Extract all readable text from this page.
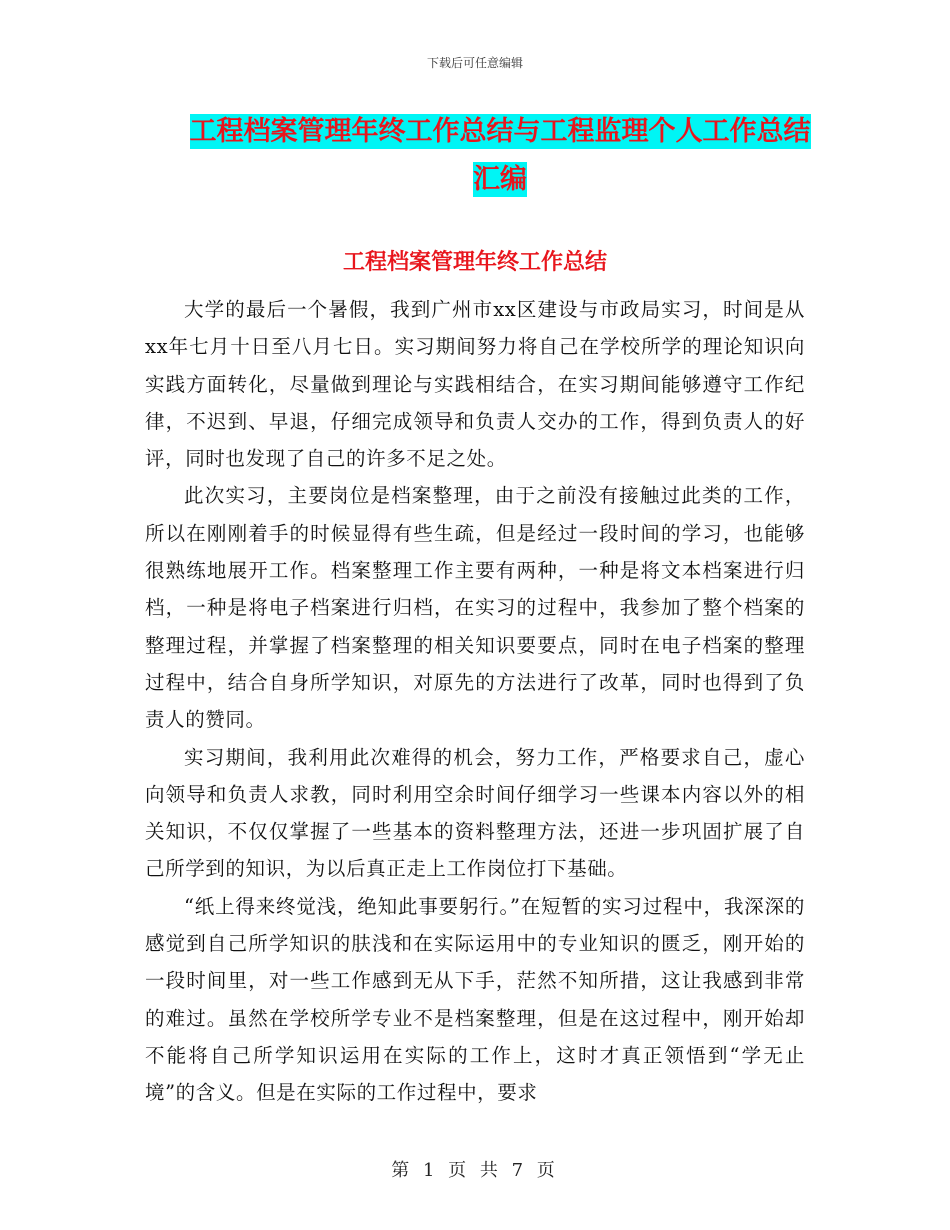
下载后可任意编辑
工程档案管理年终工作总结与工程监理个人工作总结
汇编
工程档案管理年终工作总结

大学的最后一个暑假，我到广州市xx区建设与市政局实习，时间是从xx年七月十日至八月七日。实习期间努力将自己在学校所学的理论知识向实践方面转化，尽量做到理论与实践相结合，在实习期间能够遵守工作纪律，不迟到、早退，仔细完成领导和负责人交办的工作，得到负责人的好评，同时也发现了自己的许多不足之处。

此次实习，主要岗位是档案整理，由于之前没有接触过此类的工作，所以在刚刚着手的时候显得有些生疏，但是经过一段时间的学习，也能够很熟练地展开工作。档案整理工作主要有两种，一种是将文本档案进行归档，一种是将电子档案进行归档，在实习的过程中，我参加了整个档案的整理过程，并掌握了档案整理的相关知识要要点，同时在电子档案的整理过程中，结合自身所学知识，对原先的方法进行了改革，同时也得到了负责人的赞同。

实习期间，我利用此次难得的机会，努力工作，严格要求自己，虚心向领导和负责人求教，同时利用空余时间仔细学习一些课本内容以外的相关知识，不仅仅掌握了一些基本的资料整理方法，还进一步巩固扩展了自己所学到的知识，为以后真正走上工作岗位打下基础。

“纸上得来终觉浅，绝知此事要躬行。”在短暂的实习过程中，我深深的感觉到自己所学知识的肤浅和在实际运用中的专业知识的匮乏，刚开始的一段时间里，对一些工作感到无从下手，茫然不知所措，这让我感到非常的难过。虽然在学校所学专业不是档案整理，但是在这过程中，刚开始却不能将自己所学知识运用在实际的工作上，这时才真正领悟到“学无止境”的含义。但是在实际的工作过程中，要求

第 1 页 共 7 页
